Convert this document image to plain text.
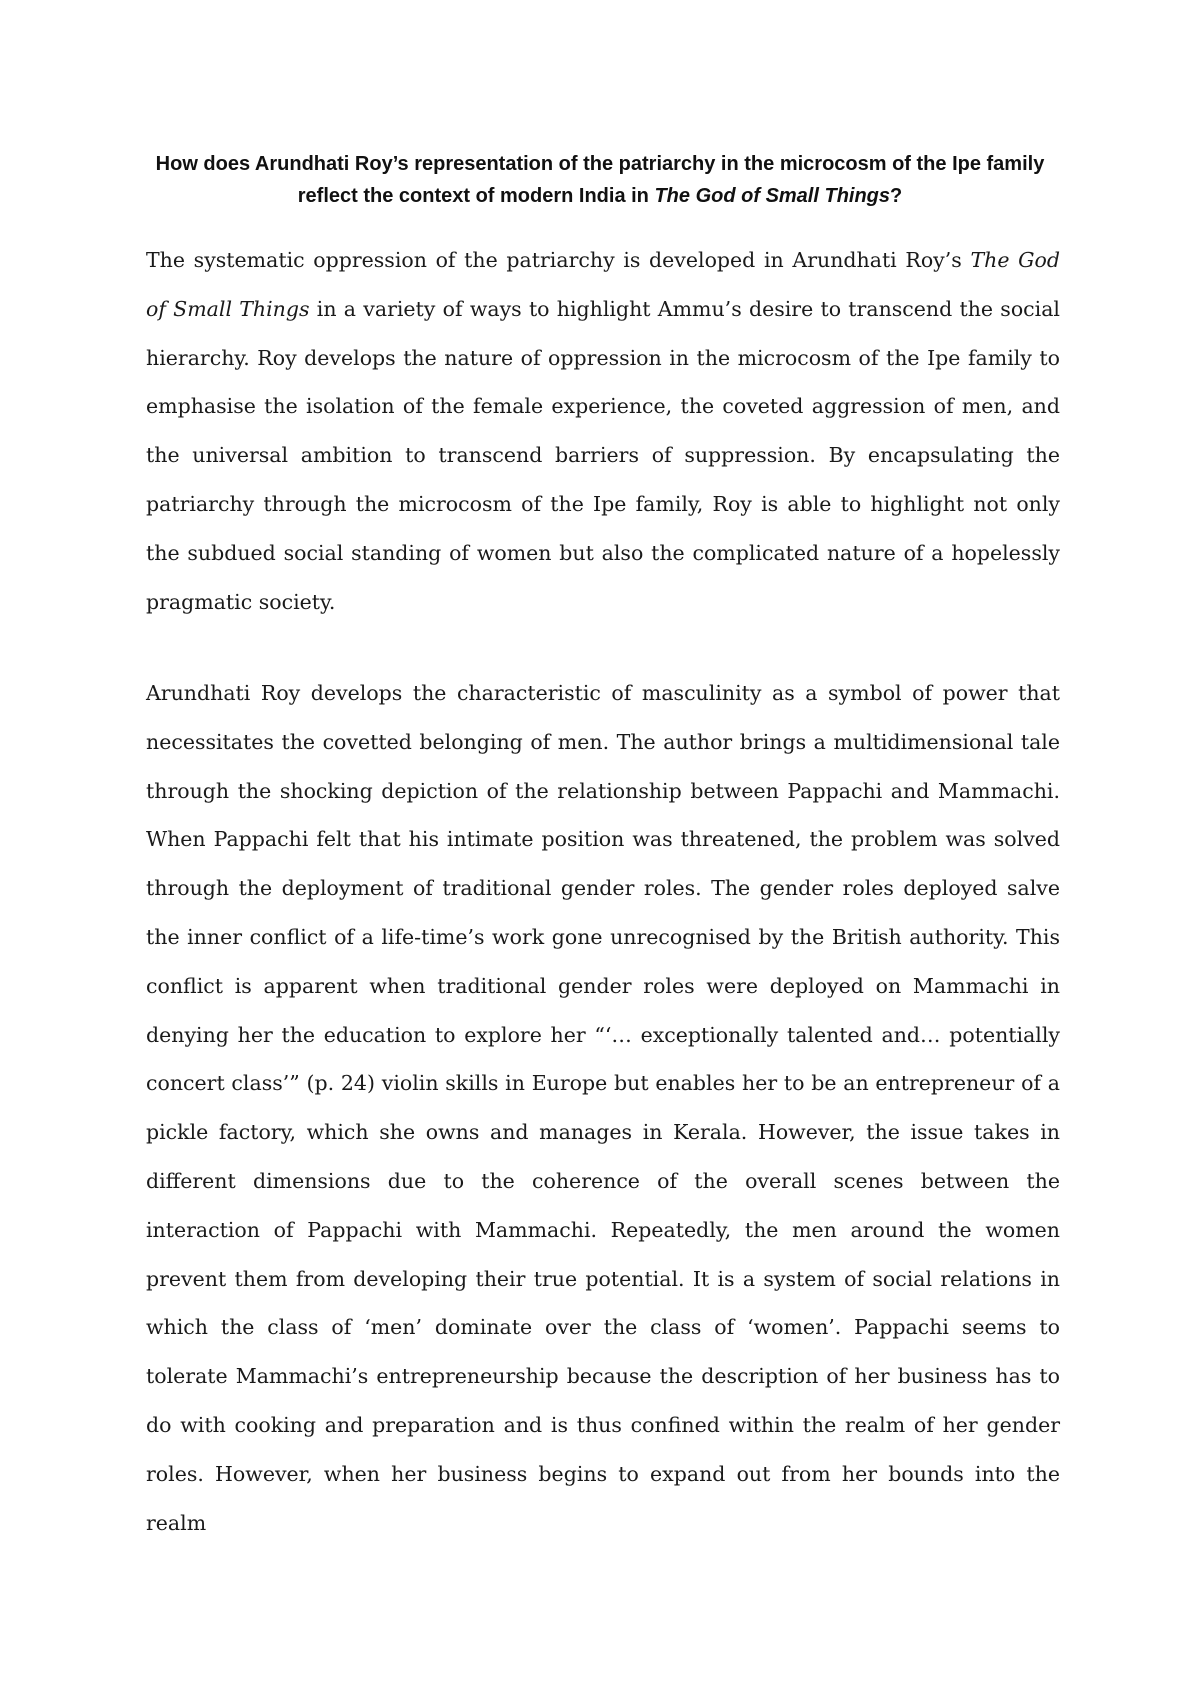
How does Arundhati Roy’s representation of the patriarchy in the microcosm of the Ipe family reflect the context of modern India in The God of Small Things?

The systematic oppression of the patriarchy is developed in Arundhati Roy’s The God of Small Things in a variety of ways to highlight Ammu’s desire to transcend the social hierarchy. Roy develops the nature of oppression in the microcosm of the Ipe family to emphasise the isolation of the female experience, the coveted aggression of men, and the universal ambition to transcend barriers of suppression. By encapsulating the patriarchy through the microcosm of the Ipe family, Roy is able to highlight not only the subdued social standing of women but also the complicated nature of a hopelessly pragmatic society.

Arundhati Roy develops the characteristic of masculinity as a symbol of power that necessitates the covetted belonging of men. The author brings a multidimensional tale through the shocking depiction of the relationship between Pappachi and Mammachi. When Pappachi felt that his intimate position was threatened, the problem was solved through the deployment of traditional gender roles. The gender roles deployed salve the inner conflict of a life-time’s work gone unrecognised by the British authority. This conflict is apparent when traditional gender roles were deployed on Mammachi in denying her the education to explore her “‘… exceptionally talented and… potentially concert class’” (p. 24) violin skills in Europe but enables her to be an entrepreneur of a pickle factory, which she owns and manages in Kerala. However, the issue takes in different dimensions due to the coherence of the overall scenes between the interaction of Pappachi with Mammachi. Repeatedly, the men around the women prevent them from developing their true potential. It is a system of social relations in which the class of ‘men’ dominate over the class of ‘women’. Pappachi seems to tolerate Mammachi’s entrepreneurship because the description of her business has to do with cooking and preparation and is thus confined within the realm of her gender roles. However, when her business begins to expand out from her bounds into the realm
